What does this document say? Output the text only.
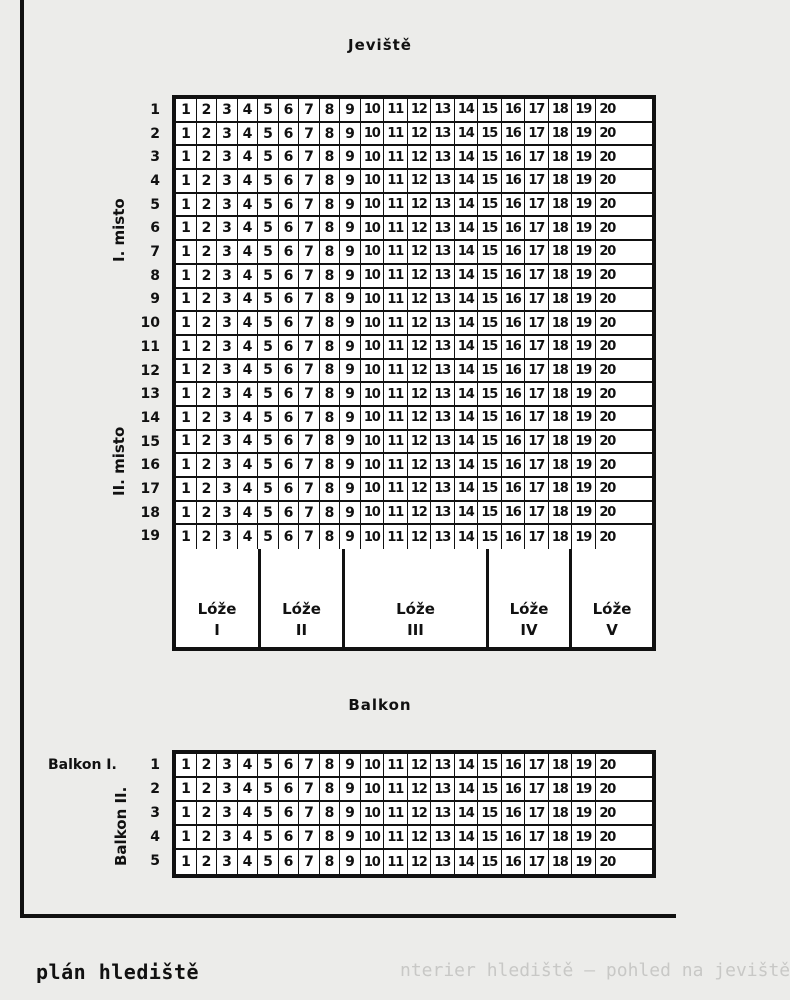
Jeviště
I. misto
II. misto
1
2
3
4
5
6
7
8
9
10
11
12
13
14
15
16
17
18
19
1 2 3 4 5 6 7 8 9 10 11 12 13 14 15 16 17 18 19 20
1 2 3 4 5 6 7 8 9 10 11 12 13 14 15 16 17 18 19 20
1 2 3 4 5 6 7 8 9 10 11 12 13 14 15 16 17 18 19 20
1 2 3 4 5 6 7 8 9 10 11 12 13 14 15 16 17 18 19 20
1 2 3 4 5 6 7 8 9 10 11 12 13 14 15 16 17 18 19 20
1 2 3 4 5 6 7 8 9 10 11 12 13 14 15 16 17 18 19 20
1 2 3 4 5 6 7 8 9 10 11 12 13 14 15 16 17 18 19 20
1 2 3 4 5 6 7 8 9 10 11 12 13 14 15 16 17 18 19 20
1 2 3 4 5 6 7 8 9 10 11 12 13 14 15 16 17 18 19 20
1 2 3 4 5 6 7 8 9 10 11 12 13 14 15 16 17 18 19 20
1 2 3 4 5 6 7 8 9 10 11 12 13 14 15 16 17 18 19 20
1 2 3 4 5 6 7 8 9 10 11 12 13 14 15 16 17 18 19 20
1 2 3 4 5 6 7 8 9 10 11 12 13 14 15 16 17 18 19 20
1 2 3 4 5 6 7 8 9 10 11 12 13 14 15 16 17 18 19 20
1 2 3 4 5 6 7 8 9 10 11 12 13 14 15 16 17 18 19 20
1 2 3 4 5 6 7 8 9 10 11 12 13 14 15 16 17 18 19 20
1 2 3 4 5 6 7 8 9 10 11 12 13 14 15 16 17 18 19 20
1 2 3 4 5 6 7 8 9 10 11 12 13 14 15 16 17 18 19 20
1 2 3 4 5 6 7 8 9 10 11 12 13 14 15 16 17 18 19 20
Lóže
I
Lóže
II
Lóže
III
Lóže
IV
Lóže
V
Balkon
Balkon I.
Balkon II.
1
2
3
4
5
1 2 3 4 5 6 7 8 9 10 11 12 13 14 15 16 17 18 19 20
1 2 3 4 5 6 7 8 9 10 11 12 13 14 15 16 17 18 19 20
1 2 3 4 5 6 7 8 9 10 11 12 13 14 15 16 17 18 19 20
1 2 3 4 5 6 7 8 9 10 11 12 13 14 15 16 17 18 19 20
1 2 3 4 5 6 7 8 9 10 11 12 13 14 15 16 17 18 19 20
plán hlediště	nterier hlediště – pohled na jeviště
